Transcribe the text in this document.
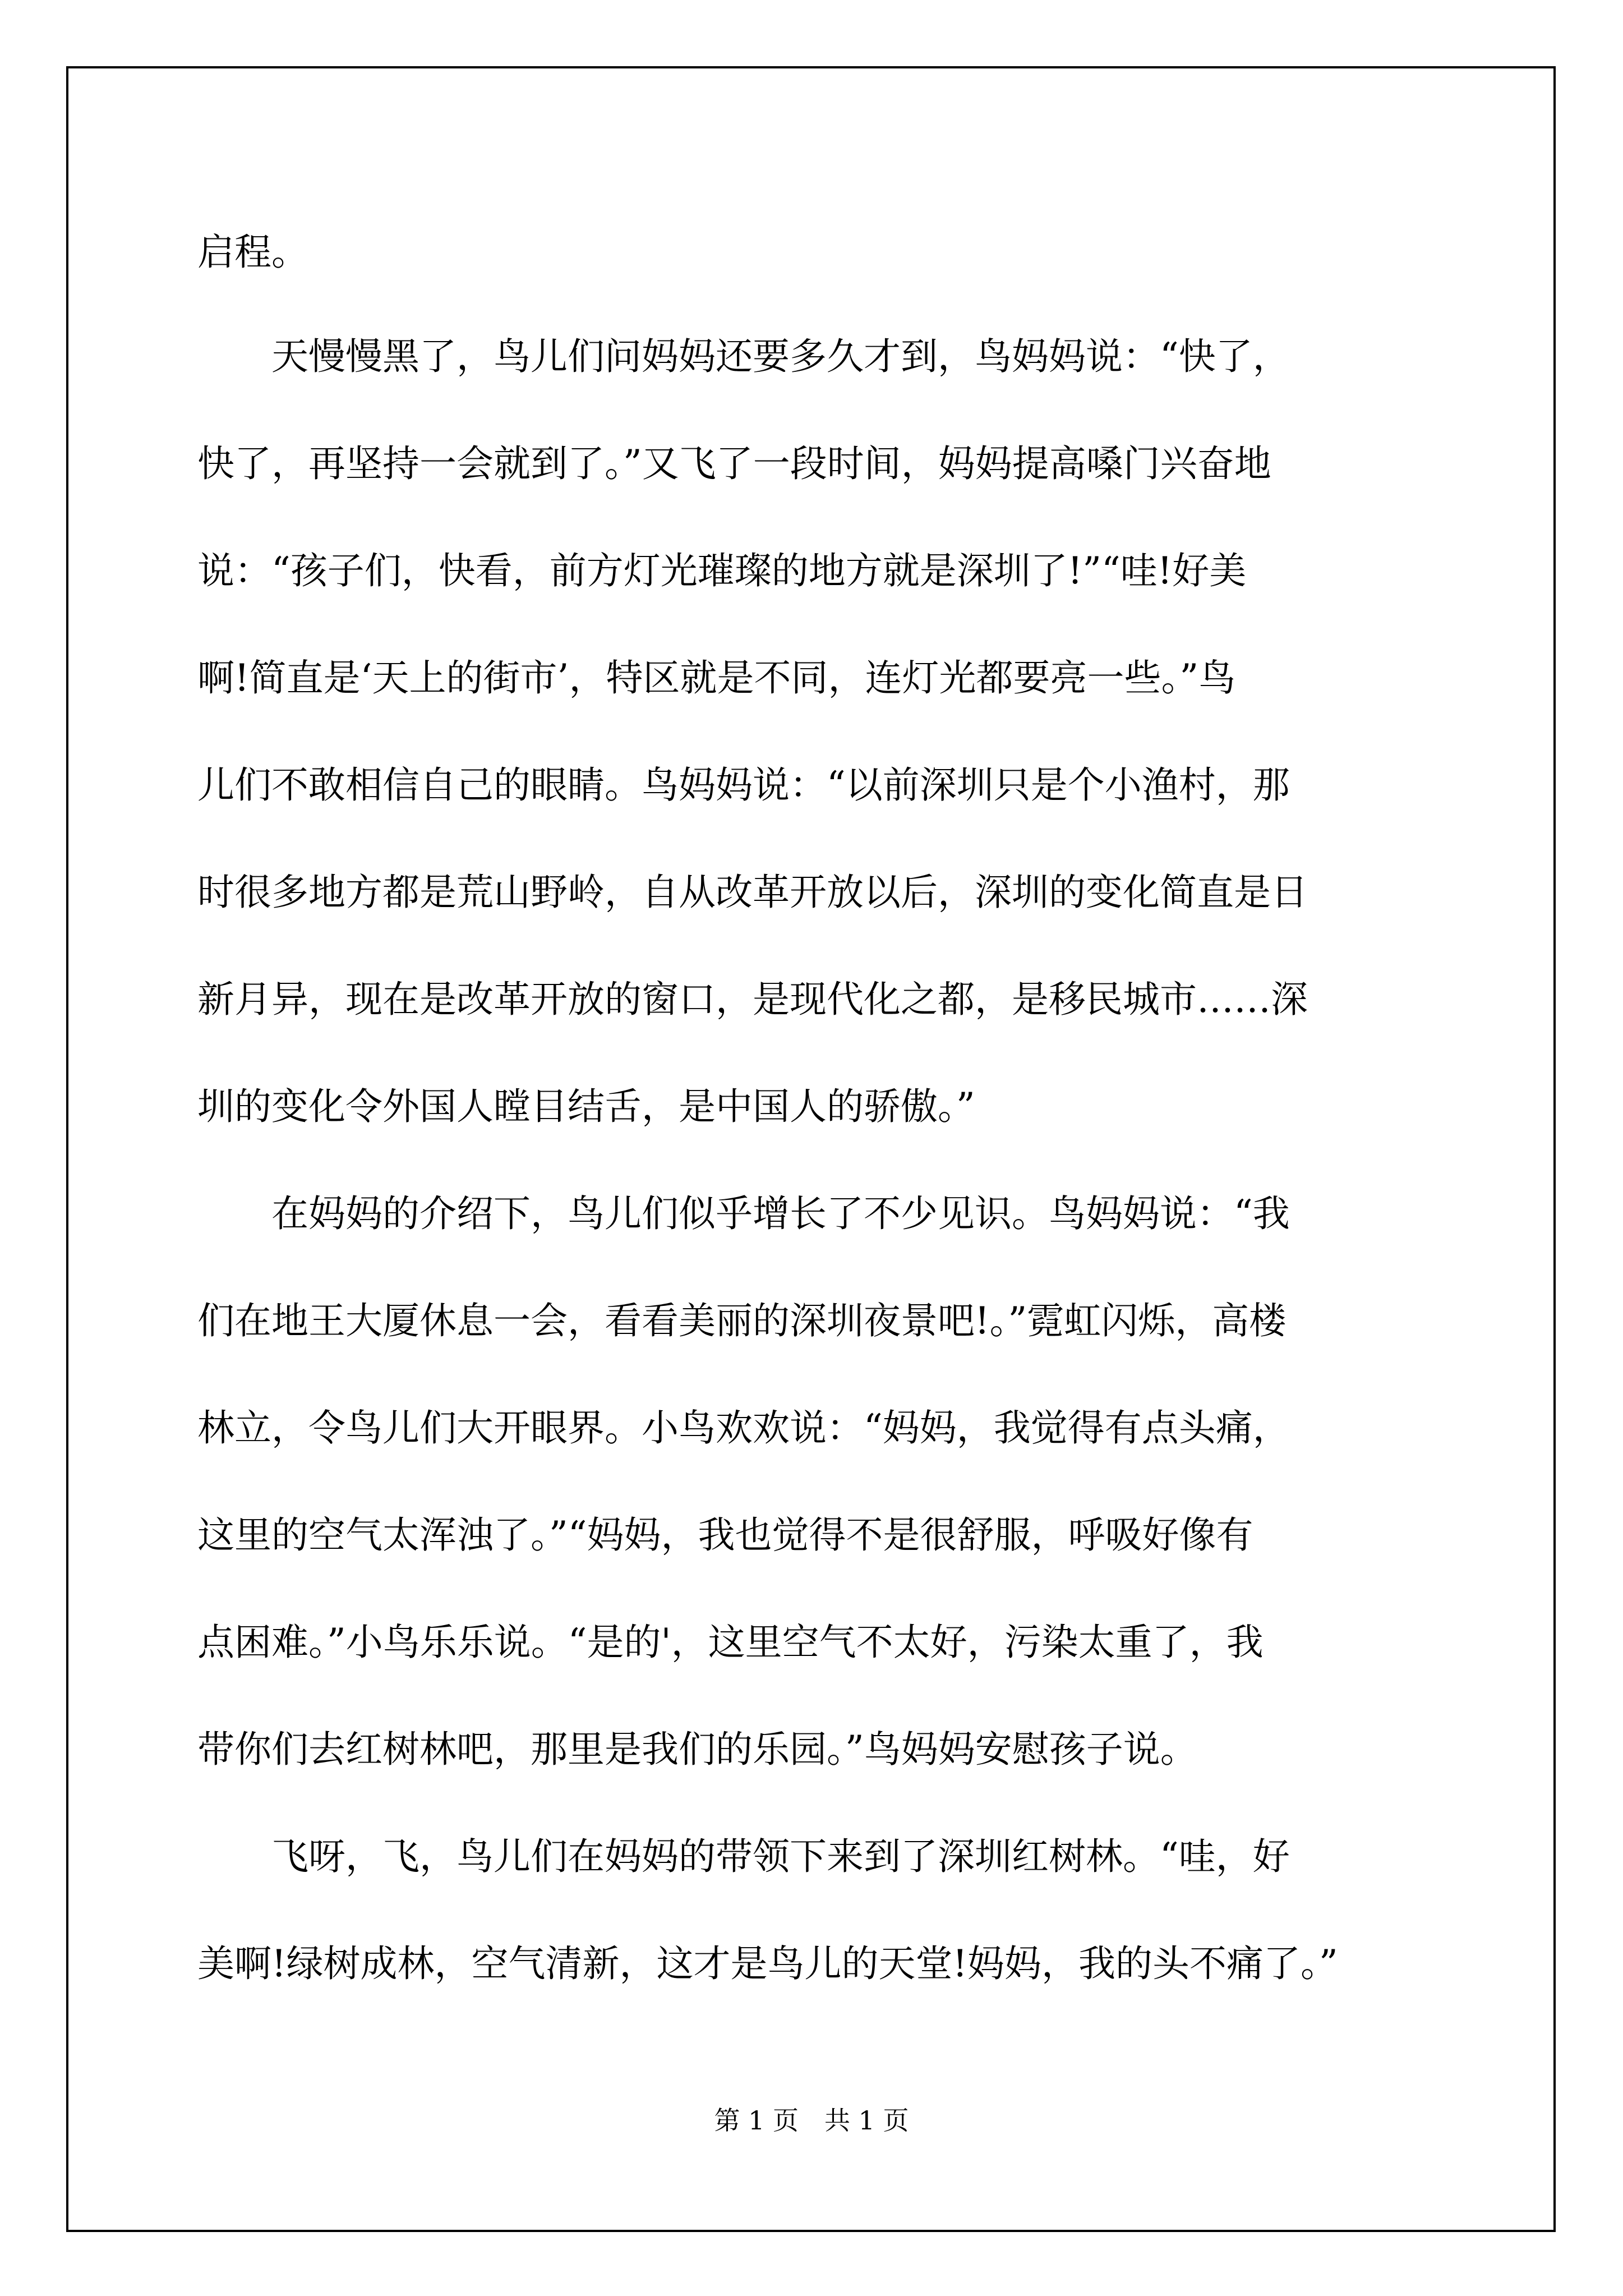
启程。
　　天慢慢黑了，鸟儿们问妈妈还要多久才到，鸟妈妈说：“快了，
快了，再坚持一会就到了。”又飞了一段时间，妈妈提高嗓门兴奋地
说：“孩子们，快看，前方灯光璀璨的地方就是深圳了!”“哇!好美
啊!简直是‘天上的街市’，特区就是不同，连灯光都要亮一些。”鸟
儿们不敢相信自己的眼睛。鸟妈妈说：“以前深圳只是个小渔村，那
时很多地方都是荒山野岭，自从改革开放以后，深圳的变化简直是日
新月异，现在是改革开放的窗口，是现代化之都，是移民城市……深
圳的变化令外国人瞠目结舌，是中国人的骄傲。”
　　在妈妈的介绍下，鸟儿们似乎增长了不少见识。鸟妈妈说：“我
们在地王大厦休息一会，看看美丽的深圳夜景吧!。”霓虹闪烁，高楼
林立，令鸟儿们大开眼界。小鸟欢欢说：“妈妈，我觉得有点头痛，
这里的空气太浑浊了。”“妈妈，我也觉得不是很舒服，呼吸好像有
点困难。”小鸟乐乐说。“是的'，这里空气不太好，污染太重了，我
带你们去红树林吧，那里是我们的乐园。”鸟妈妈安慰孩子说。
　　飞呀，飞，鸟儿们在妈妈的带领下来到了深圳红树林。“哇，好
美啊!绿树成林，空气清新，这才是鸟儿的天堂!妈妈，我的头不痛了。”
第 1 页　共 1 页
